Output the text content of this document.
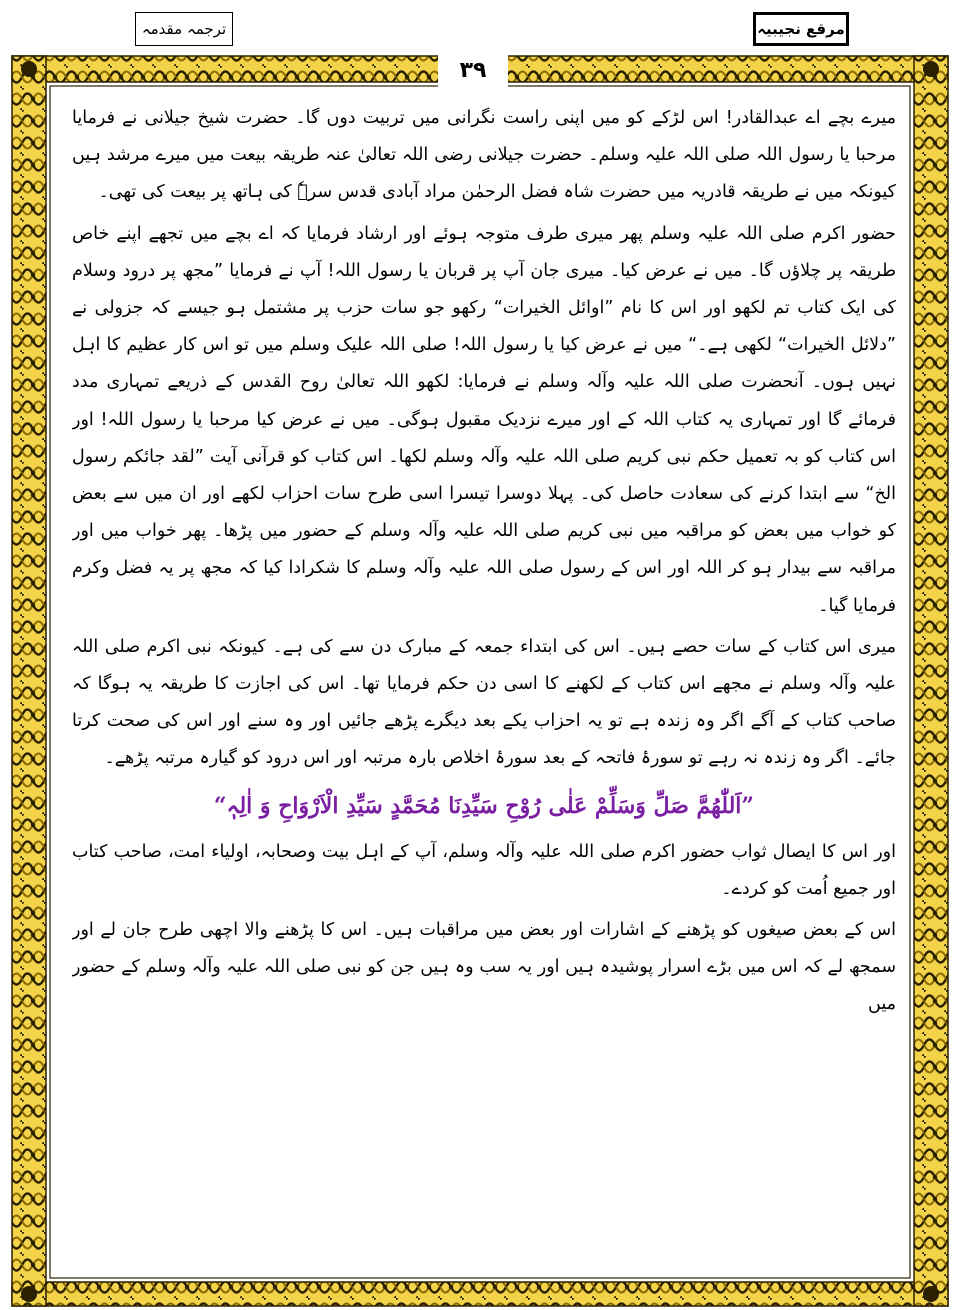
ترجمہ مقدمہ	مرقع نجیبیہ
۳۹

میرے بچے اے عبدالقادر! اس لڑکے کو میں اپنی راست نگرانی میں تربیت دوں گا۔ حضرت شیخ جیلانی نے فرمایا مرحبا یا رسول اللہ صلی اللہ علیہ وسلم۔ حضرت جیلانی رضی اللہ تعالیٰ عنہ طریقہ بیعت میں میرے مرشد ہیں کیونکہ میں نے طریقہ قادریہ میں حضرت شاہ فضل الرحمٰن مراد آبادی قدس سرہٗ کی ہاتھ پر بیعت کی تھی۔

حضور اکرم صلی اللہ علیہ وسلم پھر میری طرف متوجہ ہوئے اور ارشاد فرمایا کہ اے بچے میں تجھے اپنے خاص طریقہ پر چلاؤں گا۔ میں نے عرض کیا۔ میری جان آپ پر قربان یا رسول اللہ! آپ نے فرمایا ”مجھ پر درود وسلام کی ایک کتاب تم لکھو اور اس کا نام ”اوائل الخیرات“ رکھو جو سات حزب پر مشتمل ہو جیسے کہ جزولی نے ”دلائل الخیرات“ لکھی ہے۔“ میں نے عرض کیا یا رسول اللہ! صلی اللہ علیک وسلم میں تو اس کار عظیم کا اہل نہیں ہوں۔ آنحضرت صلی اللہ علیہ وآلہ وسلم نے فرمایا: لکھو اللہ تعالیٰ روح القدس کے ذریعے تمہاری مدد فرمائے گا اور تمہاری یہ کتاب اللہ کے اور میرے نزدیک مقبول ہوگی۔ میں نے عرض کیا مرحبا یا رسول اللہ! اور اس کتاب کو بہ تعمیل حکم نبی کریم صلی اللہ علیہ وآلہ وسلم لکھا۔ اس کتاب کو قرآنی آیت ”لقد جائکم رسول الخ“ سے ابتدا کرنے کی سعادت حاصل کی۔ پہلا دوسرا تیسرا اسی طرح سات احزاب لکھے اور ان میں سے بعض کو خواب میں بعض کو مراقبہ میں نبی کریم صلی اللہ علیہ وآلہ وسلم کے حضور میں پڑھا۔ پھر خواب میں اور مراقبہ سے بیدار ہو کر اللہ اور اس کے رسول صلی اللہ علیہ وآلہ وسلم کا شکرادا کیا کہ مجھ پر یہ فضل وکرم فرمایا گیا۔

میری اس کتاب کے سات حصے ہیں۔ اس کی ابتداء جمعہ کے مبارک دن سے کی ہے۔ کیونکہ نبی اکرم صلی اللہ علیہ وآلہ وسلم نے مجھے اس کتاب کے لکھنے کا اسی دن حکم فرمایا تھا۔ اس کی اجازت کا طریقہ یہ ہوگا کہ صاحب کتاب کے آگے اگر وہ زندہ ہے تو یہ احزاب یکے بعد دیگرے پڑھے جائیں اور وہ سنے اور اس کی صحت کرتا جائے۔ اگر وہ زندہ نہ رہے تو سورۂ فاتحہ کے بعد سورۂ اخلاص بارہ مرتبہ اور اس درود کو گیارہ مرتبہ پڑھے۔

”اَللّٰھُمَّ صَلِّ وَسَلِّمْ عَلٰی رُوْحِ سَیِّدِنَا مُحَمَّدٍ سَیِّدِ الْاَرْوَاحِ وَ اٰلِہٖ“

اور اس کا ایصال ثواب حضور اکرم صلی اللہ علیہ وآلہ وسلم، آپ کے اہل بیت وصحابہ، اولیاء امت، صاحب کتاب اور جمیع اُمت کو کردے۔

اس کے بعض صیغوں کو پڑھنے کے اشارات اور بعض میں مراقبات ہیں۔ اس کا پڑھنے والا اچھی طرح جان لے اور سمجھ لے کہ اس میں بڑے اسرار پوشیدہ ہیں اور یہ سب وہ ہیں جن کو نبی صلی اللہ علیہ وآلہ وسلم کے حضور میں
